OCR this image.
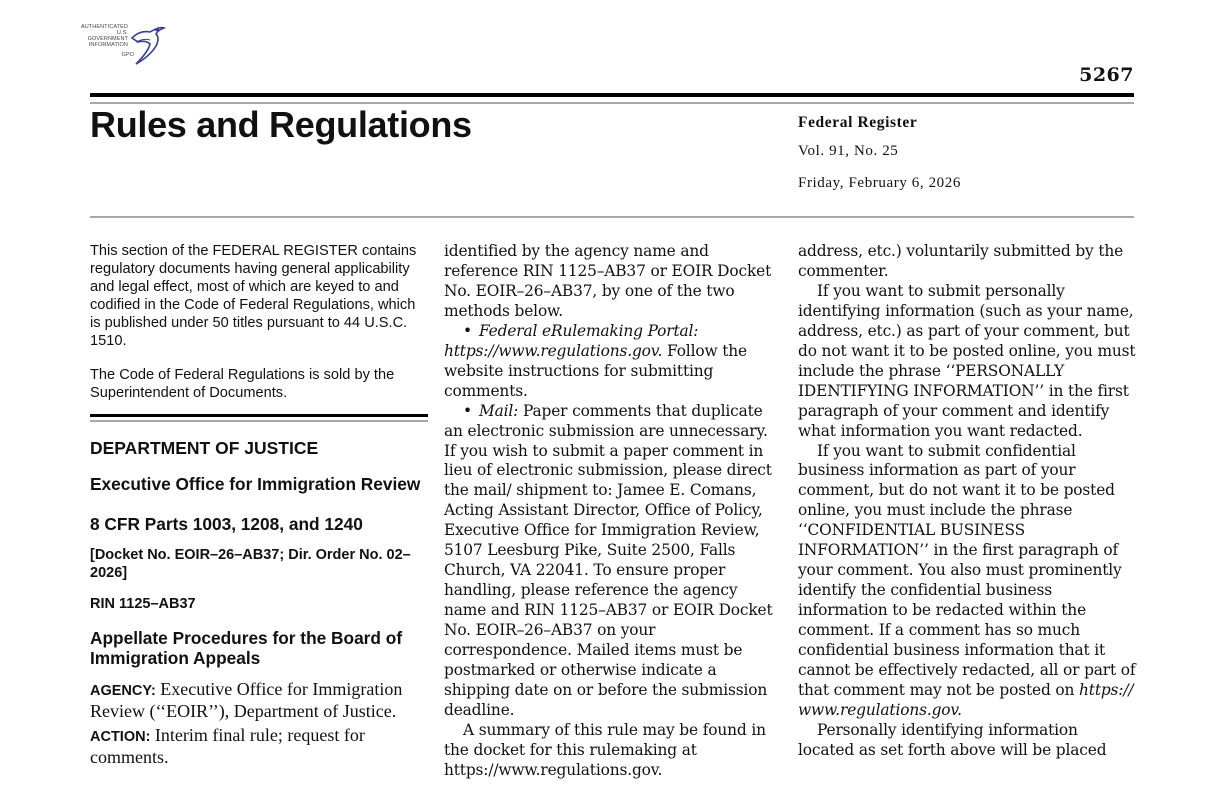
AUTHENTICATED
U.S. GOVERNMENT
INFORMATION
GPO
5267
Rules and Regulations	Federal Register
Vol. 91, No. 25
Friday, February 6, 2026

This section of the FEDERAL REGISTER contains regulatory documents having general applicability and legal effect, most of which are keyed to and codified in the Code of Federal Regulations, which is published under 50 titles pursuant to 44 U.S.C. 1510.

The Code of Federal Regulations is sold by the Superintendent of Documents.

DEPARTMENT OF JUSTICE
Executive Office for Immigration Review
8 CFR Parts 1003, 1208, and 1240
[Docket No. EOIR–26–AB37; Dir. Order No. 02–2026]
RIN 1125–AB37
Appellate Procedures for the Board of Immigration Appeals

AGENCY: Executive Office for Immigration Review (‘‘EOIR’’), Department of Justice.

ACTION: Interim final rule; request for comments.

identified by the agency name and reference RIN 1125–AB37 or EOIR Docket No. EOIR–26–AB37, by one of the two methods below.

• Federal eRulemaking Portal: https://www.regulations.gov. Follow the website instructions for submitting comments.

• Mail: Paper comments that duplicate an electronic submission are unnecessary. If you wish to submit a paper comment in lieu of electronic submission, please direct the mail/ shipment to: Jamee E. Comans, Acting Assistant Director, Office of Policy, Executive Office for Immigration Review, 5107 Leesburg Pike, Suite 2500, Falls Church, VA 22041. To ensure proper handling, please reference the agency name and RIN 1125–AB37 or EOIR Docket No. EOIR–26–AB37 on your correspondence. Mailed items must be postmarked or otherwise indicate a shipping date on or before the submission deadline.

A summary of this rule may be found in the docket for this rulemaking at https://www.regulations.gov.

address, etc.) voluntarily submitted by the commenter.

If you want to submit personally identifying information (such as your name, address, etc.) as part of your comment, but do not want it to be posted online, you must include the phrase ‘‘PERSONALLY IDENTIFYING INFORMATION’’ in the first paragraph of your comment and identify what information you want redacted.

If you want to submit confidential business information as part of your comment, but do not want it to be posted online, you must include the phrase ‘‘CONFIDENTIAL BUSINESS INFORMATION’’ in the first paragraph of your comment. You also must prominently identify the confidential business information to be redacted within the comment. If a comment has so much confidential business information that it cannot be effectively redacted, all or part of that comment may not be posted on https:// www.regulations.gov.

Personally identifying information located as set forth above will be placed
